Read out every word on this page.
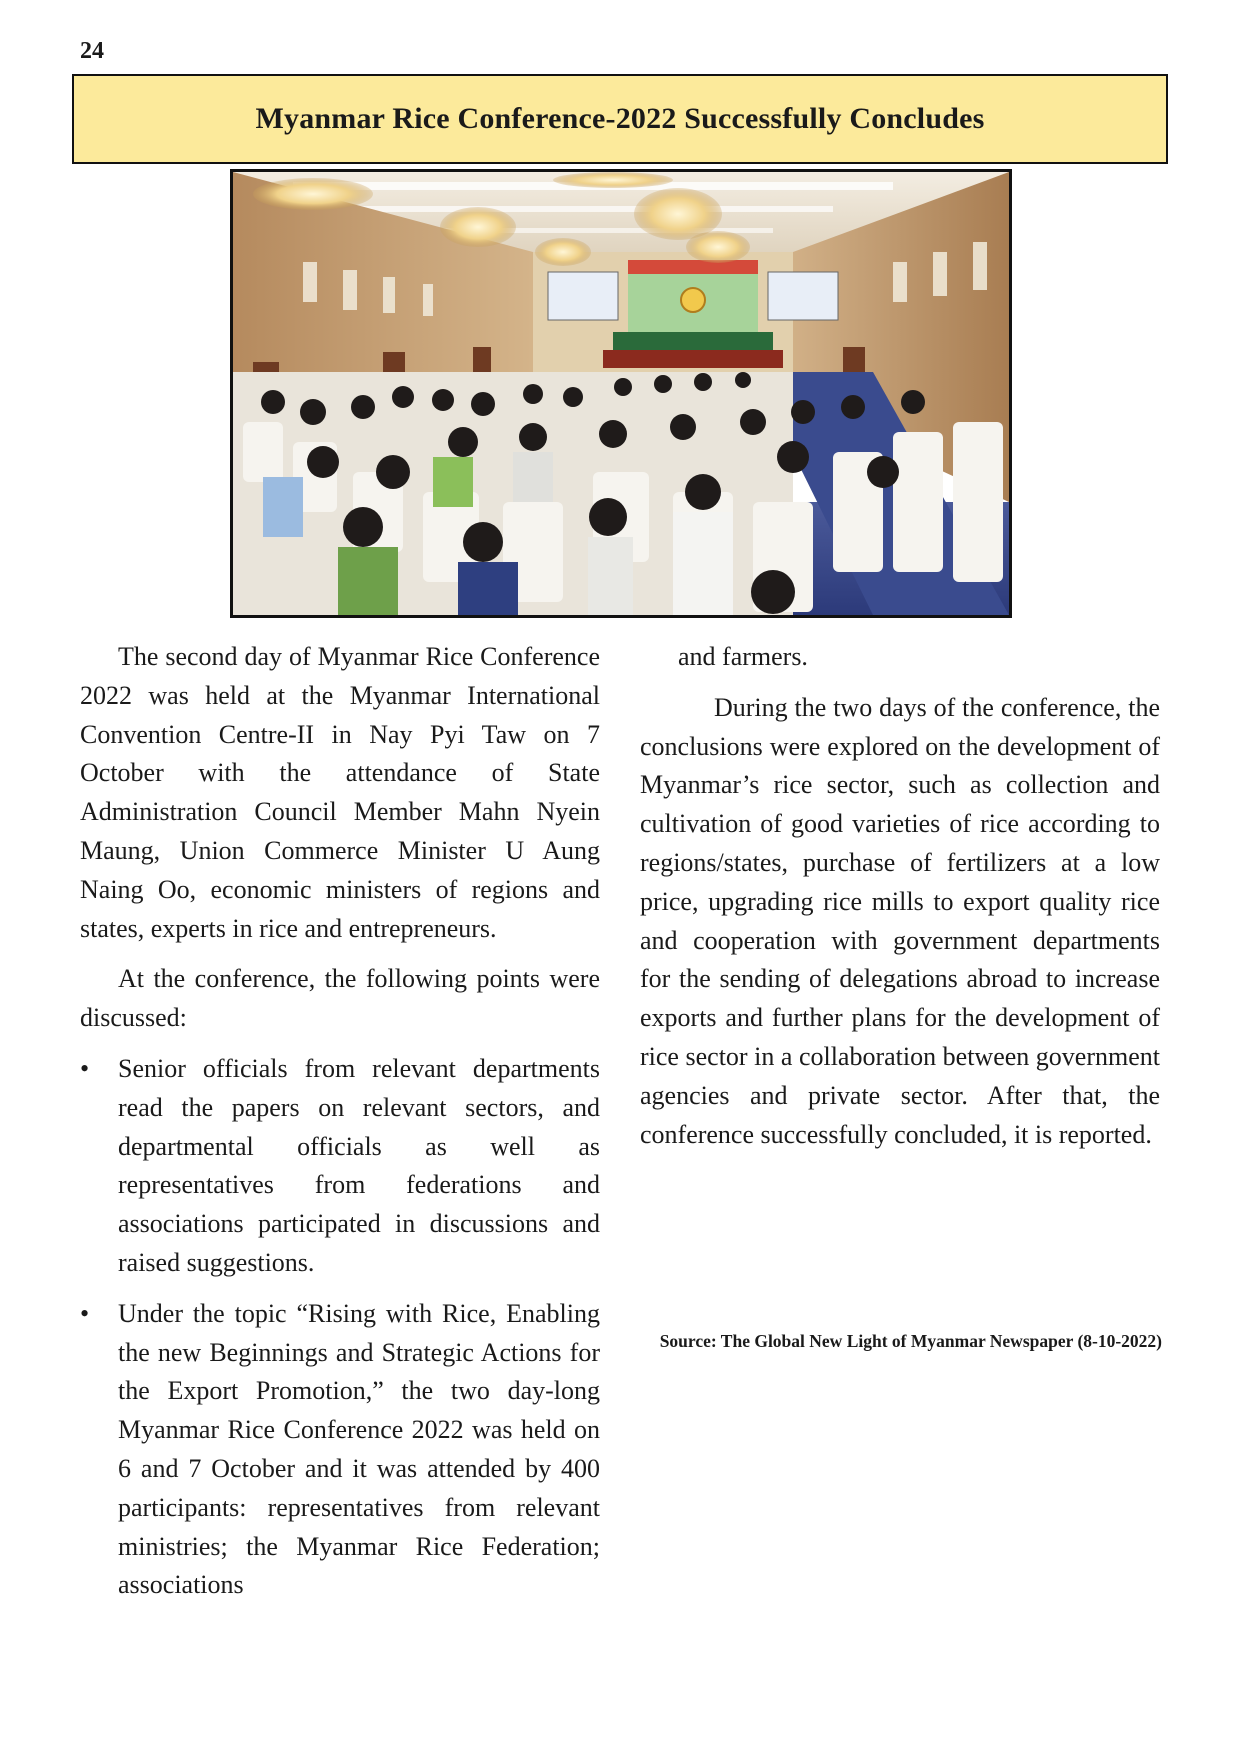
24
Myanmar Rice Conference-2022 Successfully Concludes

The second day of Myanmar Rice Conference 2022 was held at the Myanmar International Convention Centre-II in Nay Pyi Taw on 7 October with the attendance of State Administration Council Member Mahn Nyein Maung, Union Commerce Minister U Aung Naing Oo, economic ministers of regions and states, experts in rice and entrepreneurs.

At the conference, the following points were discussed:

• Senior officials from relevant departments read the papers on relevant sectors, and departmental officials as well as representatives from federations and associations participated in discussions and raised suggestions.
• Under the topic “Rising with Rice, Enabling the new Beginnings and Strategic Actions for the Export Promotion,” the two day-long Myanmar Rice Conference 2022 was held on 6 and 7 October and it was attended by 400 participants: representatives from relevant ministries; the Myanmar Rice Federation; associations

and farmers.

During the two days of the conference, the conclusions were explored on the development of Myanmar’s rice sector, such as collection and cultivation of good varieties of rice according to regions/states, purchase of fertilizers at a low price, upgrading rice mills to export quality rice and cooperation with government departments for the sending of delegations abroad to increase exports and further plans for the development of rice sector in a collaboration between government agencies and private sector. After that, the conference successfully concluded, it is reported.

Source: The Global New Light of Myanmar Newspaper (8-10-2022)
